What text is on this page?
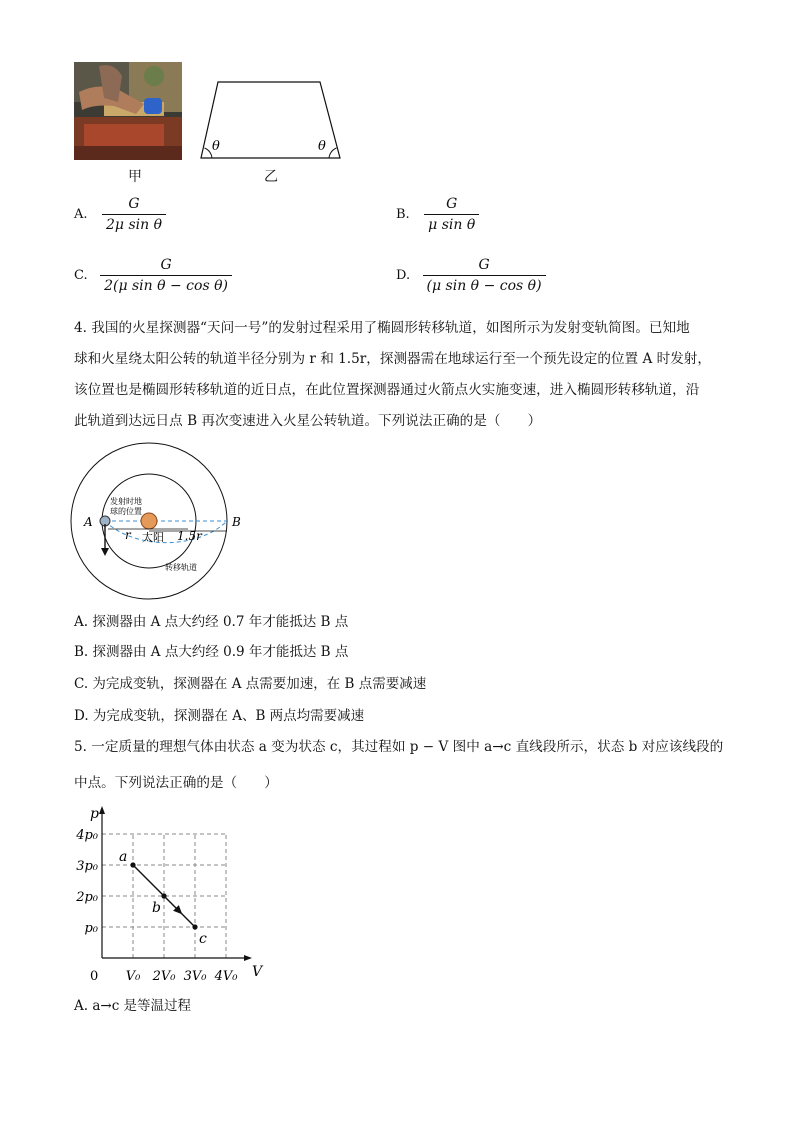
甲
θ	θ
乙
A. $\frac{G}{\text{2μ sin θ}}$	B. $\frac{G}{\text{μ sin θ}}$
C. $\frac{G}{\text{2(μ sin θ − cos θ)}}$	D. $\frac{G}{\text{(μ sin θ − cos θ)}}$
4. 我国的火星探测器“天问一号”的发射过程采用了椭圆形转移轨道，如图所示为发射变轨简图。已知地
球和火星绕太阳公转的轨道半径分别为 r 和 1.5r，探测器需在地球运行至一个预先设定的位置 A 时发射，
该位置也是椭圆形转移轨道的近日点，在此位置探测器通过火箭点火实施变速，进入椭圆形转移轨道，沿
此轨道到达远日点 B 再次变速进入火星公转轨道。下列说法正确的是（　　）
A	B
发射时地
球的位置
太阳
r	1.5r
转移轨道
A. 探测器由 A 点大约经 0.7 年才能抵达 B 点
B. 探测器由 A 点大约经 0.9 年才能抵达 B 点
C. 为完成变轨，探测器在 A 点需要加速，在 B 点需要减速
D. 为完成变轨，探测器在 A、B 两点均需要减速
5. 一定质量的理想气体由状态 a 变为状态 c，其过程如 p − V 图中 a→c 直线段所示，状态 b 对应该线段的
中点。下列说法正确的是（　　）
V
p
0 V₀ 2V₀ 3V₀ 4V₀
p₀
2p₀
3p₀
4p₀
a
b
c
A. a→c 是等温过程
